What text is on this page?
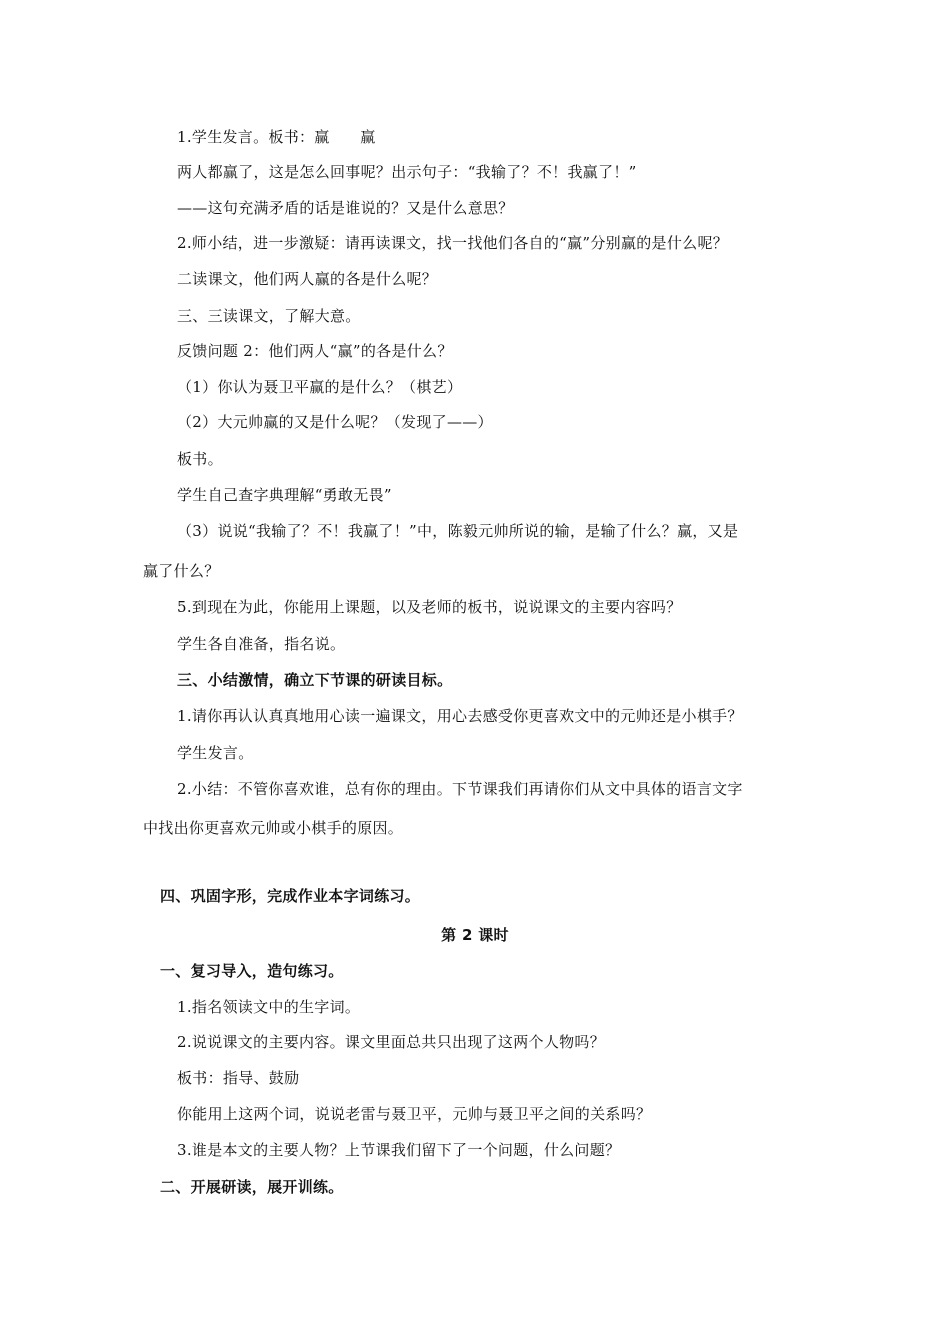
1.学生发言。板书：赢　　赢
两人都赢了，这是怎么回事呢？出示句子：“我输了？不！我赢了！”
——这句充满矛盾的话是谁说的？又是什么意思？
2.师小结，进一步激疑：请再读课文，找一找他们各自的“赢”分别赢的是什么呢？
二读课文，他们两人赢的各是什么呢？
三、三读课文，了解大意。
反馈问题 2：他们两人“赢”的各是什么？
（1）你认为聂卫平赢的是什么？（棋艺）
（2）大元帅赢的又是什么呢？（发现了——）
板书。
学生自己查字典理解“勇敢无畏”
（3）说说“我输了？不！我赢了！”中，陈毅元帅所说的输，是输了什么？赢，又是
赢了什么？
5.到现在为此，你能用上课题，以及老师的板书，说说课文的主要内容吗？
学生各自准备，指名说。
三、小结激情，确立下节课的研读目标。
1.请你再认认真真地用心读一遍课文，用心去感受你更喜欢文中的元帅还是小棋手？
学生发言。
2.小结：不管你喜欢谁，总有你的理由。下节课我们再请你们从文中具体的语言文字
中找出你更喜欢元帅或小棋手的原因。
四、巩固字形，完成作业本字词练习。
第 2 课时
一、复习导入，造句练习。
1.指名领读文中的生字词。
2.说说课文的主要内容。课文里面总共只出现了这两个人物吗？
板书：指导、鼓励
你能用上这两个词，说说老雷与聂卫平，元帅与聂卫平之间的关系吗？
3.谁是本文的主要人物？上节课我们留下了一个问题，什么问题？
二、开展研读，展开训练。
